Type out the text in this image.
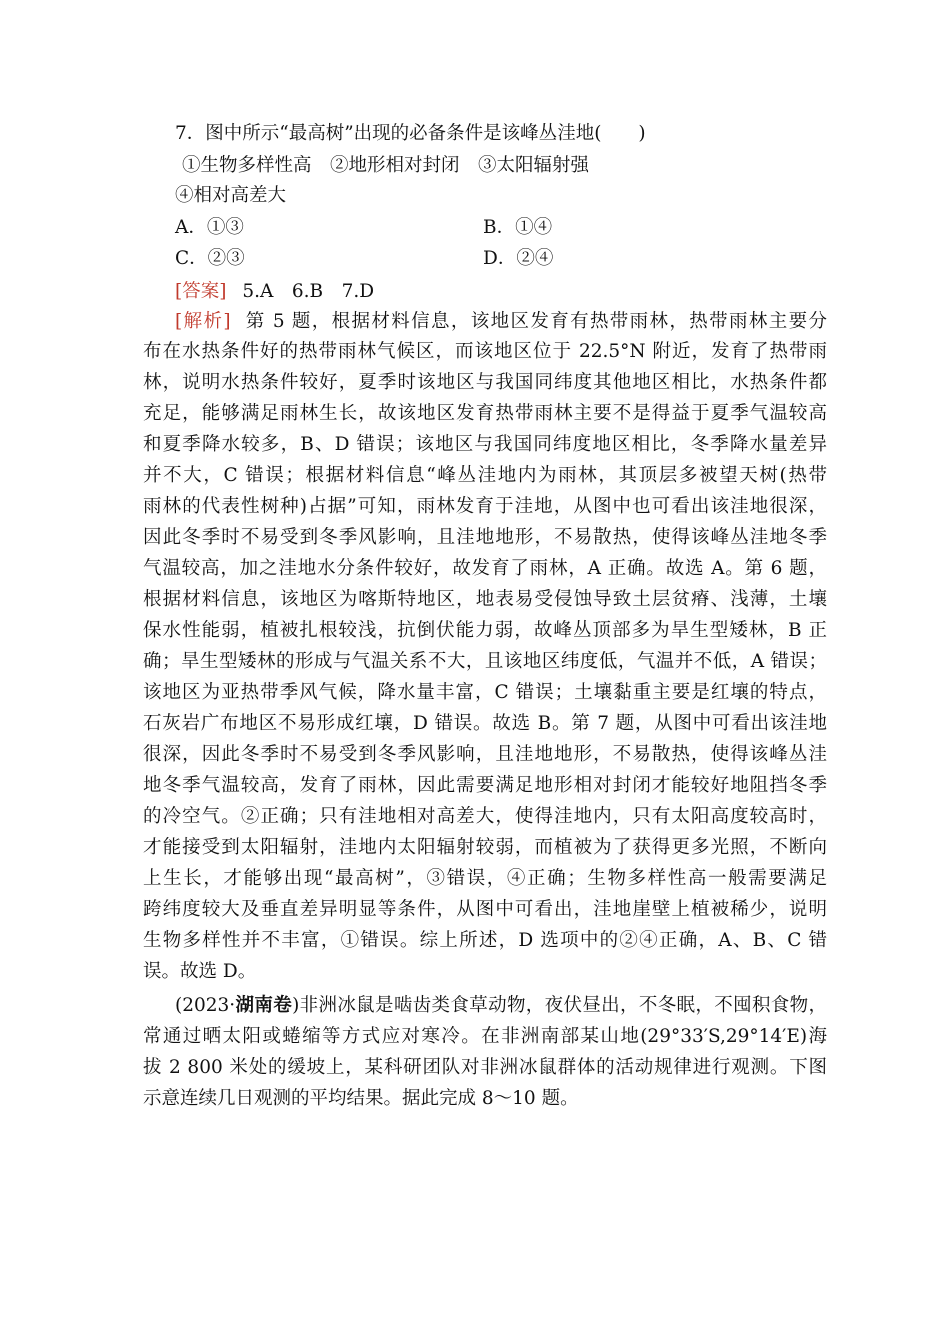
7．图中所示“最高树”出现的必备条件是该峰丛洼地(　　)
①生物多样性高　②地形相对封闭　③太阳辐射强
④相对高差大
A．①③	B．①④
C．②③	D．②④
[答案] 5.A　6.B　7.D
[解析] 第 5 题，根据材料信息，该地区发育有热带雨林，热带雨林主要分
布在水热条件好的热带雨林气候区，而该地区位于 22.5°N 附近，发育了热带雨
林，说明水热条件较好，夏季时该地区与我国同纬度其他地区相比，水热条件都
充足，能够满足雨林生长，故该地区发育热带雨林主要不是得益于夏季气温较高
和夏季降水较多，B、D 错误；该地区与我国同纬度地区相比，冬季降水量差异
并不大，C 错误；根据材料信息“峰丛洼地内为雨林，其顶层多被望天树(热带
雨林的代表性树种)占据”可知，雨林发育于洼地，从图中也可看出该洼地很深，
因此冬季时不易受到冬季风影响，且洼地地形，不易散热，使得该峰丛洼地冬季
气温较高，加之洼地水分条件较好，故发育了雨林，A 正确。故选 A。第 6 题，
根据材料信息，该地区为喀斯特地区，地表易受侵蚀导致土层贫瘠、浅薄，土壤
保水性能弱，植被扎根较浅，抗倒伏能力弱，故峰丛顶部多为旱生型矮林，B 正
确；旱生型矮林的形成与气温关系不大，且该地区纬度低，气温并不低，A 错误；
该地区为亚热带季风气候，降水量丰富，C 错误；土壤黏重主要是红壤的特点，
石灰岩广布地区不易形成红壤，D 错误。故选 B。第 7 题，从图中可看出该洼地
很深，因此冬季时不易受到冬季风影响，且洼地地形，不易散热，使得该峰丛洼
地冬季气温较高，发育了雨林，因此需要满足地形相对封闭才能较好地阻挡冬季
的冷空气。②正确；只有洼地相对高差大，使得洼地内，只有太阳高度较高时，
才能接受到太阳辐射，洼地内太阳辐射较弱，而植被为了获得更多光照，不断向
上生长，才能够出现“最高树”，③错误，④正确；生物多样性高一般需要满足
跨纬度较大及垂直差异明显等条件，从图中可看出，洼地崖壁上植被稀少，说明
生物多样性并不丰富，①错误。综上所述，D 选项中的②④正确，A、B、C 错
误。故选 D。
(2023·湖南卷)非洲冰鼠是啮齿类食草动物，夜伏昼出，不冬眠，不囤积食物，
常通过晒太阳或蜷缩等方式应对寒冷。在非洲南部某山地(29°33′S,29°14′E)海
拔 2 800 米处的缓坡上，某科研团队对非洲冰鼠群体的活动规律进行观测。下图
示意连续几日观测的平均结果。据此完成 8～10 题。
